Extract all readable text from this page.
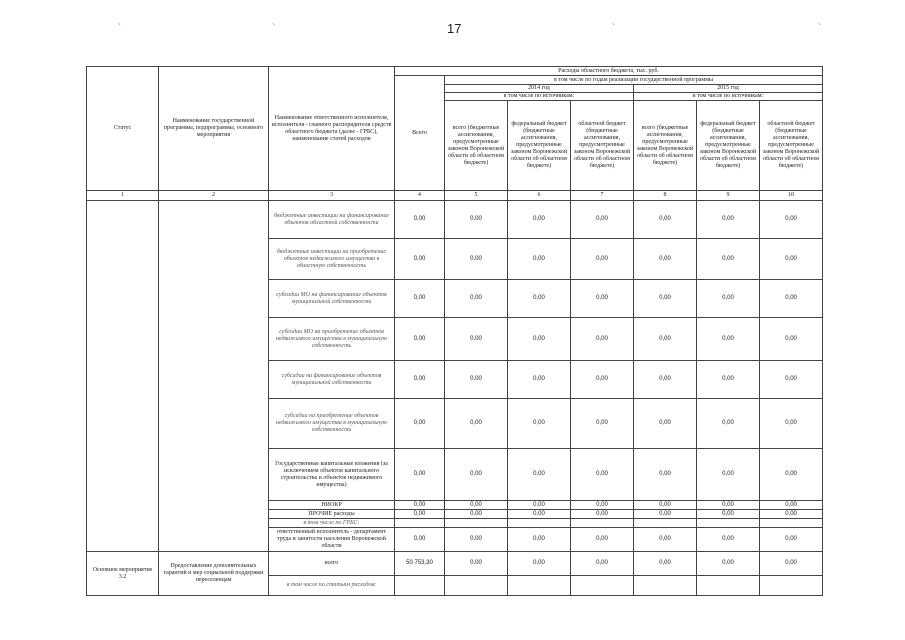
`	`	`	`
17
Статус	Наименование государственной программы, подпрограммы, основного мероприятия	Наименование ответственного исполнителя, исполнителя - главного распорядителя средств областного бюджета (далее - ГРБС), наименование статей расходов	Расходы областного бюджета, тыс. руб.						
			Всего	в том числе по годам реализации государственной программы					
				2014 год			2015 год		
				в том числе по источникам:			в том числе по источникам:		
				всего (бюджетные ассигнования, предусмотренные законом Воронежской области об областном бюджете)	федеральный бюджет (бюджетные ассигнования, предусмотренные законом Воронежской области об областном бюджете)	областной бюджет (бюджетные ассигнования, предусмотренные законом Воронежской области об областном бюджете)	всего (бюджетные ассигнования, предусмотренные законом Воронежской области об областном бюджете)	федеральный бюджет (бюджетные ассигнования, предусмотренные законом Воронежской области об областном бюджете)	областной бюджет (бюджетные ассигнования, предусмотренные законом Воронежской области об областном бюджете)
1	2	3	4	5	6	7	8	9	10
		бюджетные инвестиции на финансирование объектов областной собственности	0,00	0,00	0,00	0,00	0,00	0,00	0,00
		бюджетные инвестиции на приобретение объектов недвижимого имущества в областную собственность	0,00	0,00	0,00	0,00	0,00	0,00	0,00
		субсидии МО на финансирование объектов муниципальной собственности	0,00	0,00	0,00	0,00	0,00	0,00	0,00
		субсидии МО на приобретение объектов недвижимого имущества в муниципальную собственность	0,00	0,00	0,00	0,00	0,00	0,00	0,00
		субсидии на финансирование объектов муниципальной собственности	0,00	0,00	0,00	0,00	0,00	0,00	0,00
		субсидии на приобретение объектов недвижимого имущества в муниципальную собственность	0,00	0,00	0,00	0,00	0,00	0,00	0,00
		Государственные капитальные вложения (за исключением объектов капитального строительства и объектов недвижимого имущества)	0,00	0,00	0,00	0,00	0,00	0,00	0,00
		НИОКР	0,00	0,00	0,00	0,00	0,00	0,00	0,00
		ПРОЧИЕ расходы	0,00	0,00	0,00	0,00	0,00	0,00	0,00
		в том числе по ГРБС:							
		ответственный исполнитель - департамент труда и занятости населения Воронежской области	0,00	0,00	0,00	0,00	0,00	0,00	0,00
Основное мероприятие 3.2	Предоставление дополнительных гарантий и мер социальной поддержки переселенцам	всего	50 753,30	0,00	0,00	0,00	0,00	0,00	0,00
		в том числе по статьям расходов:							
